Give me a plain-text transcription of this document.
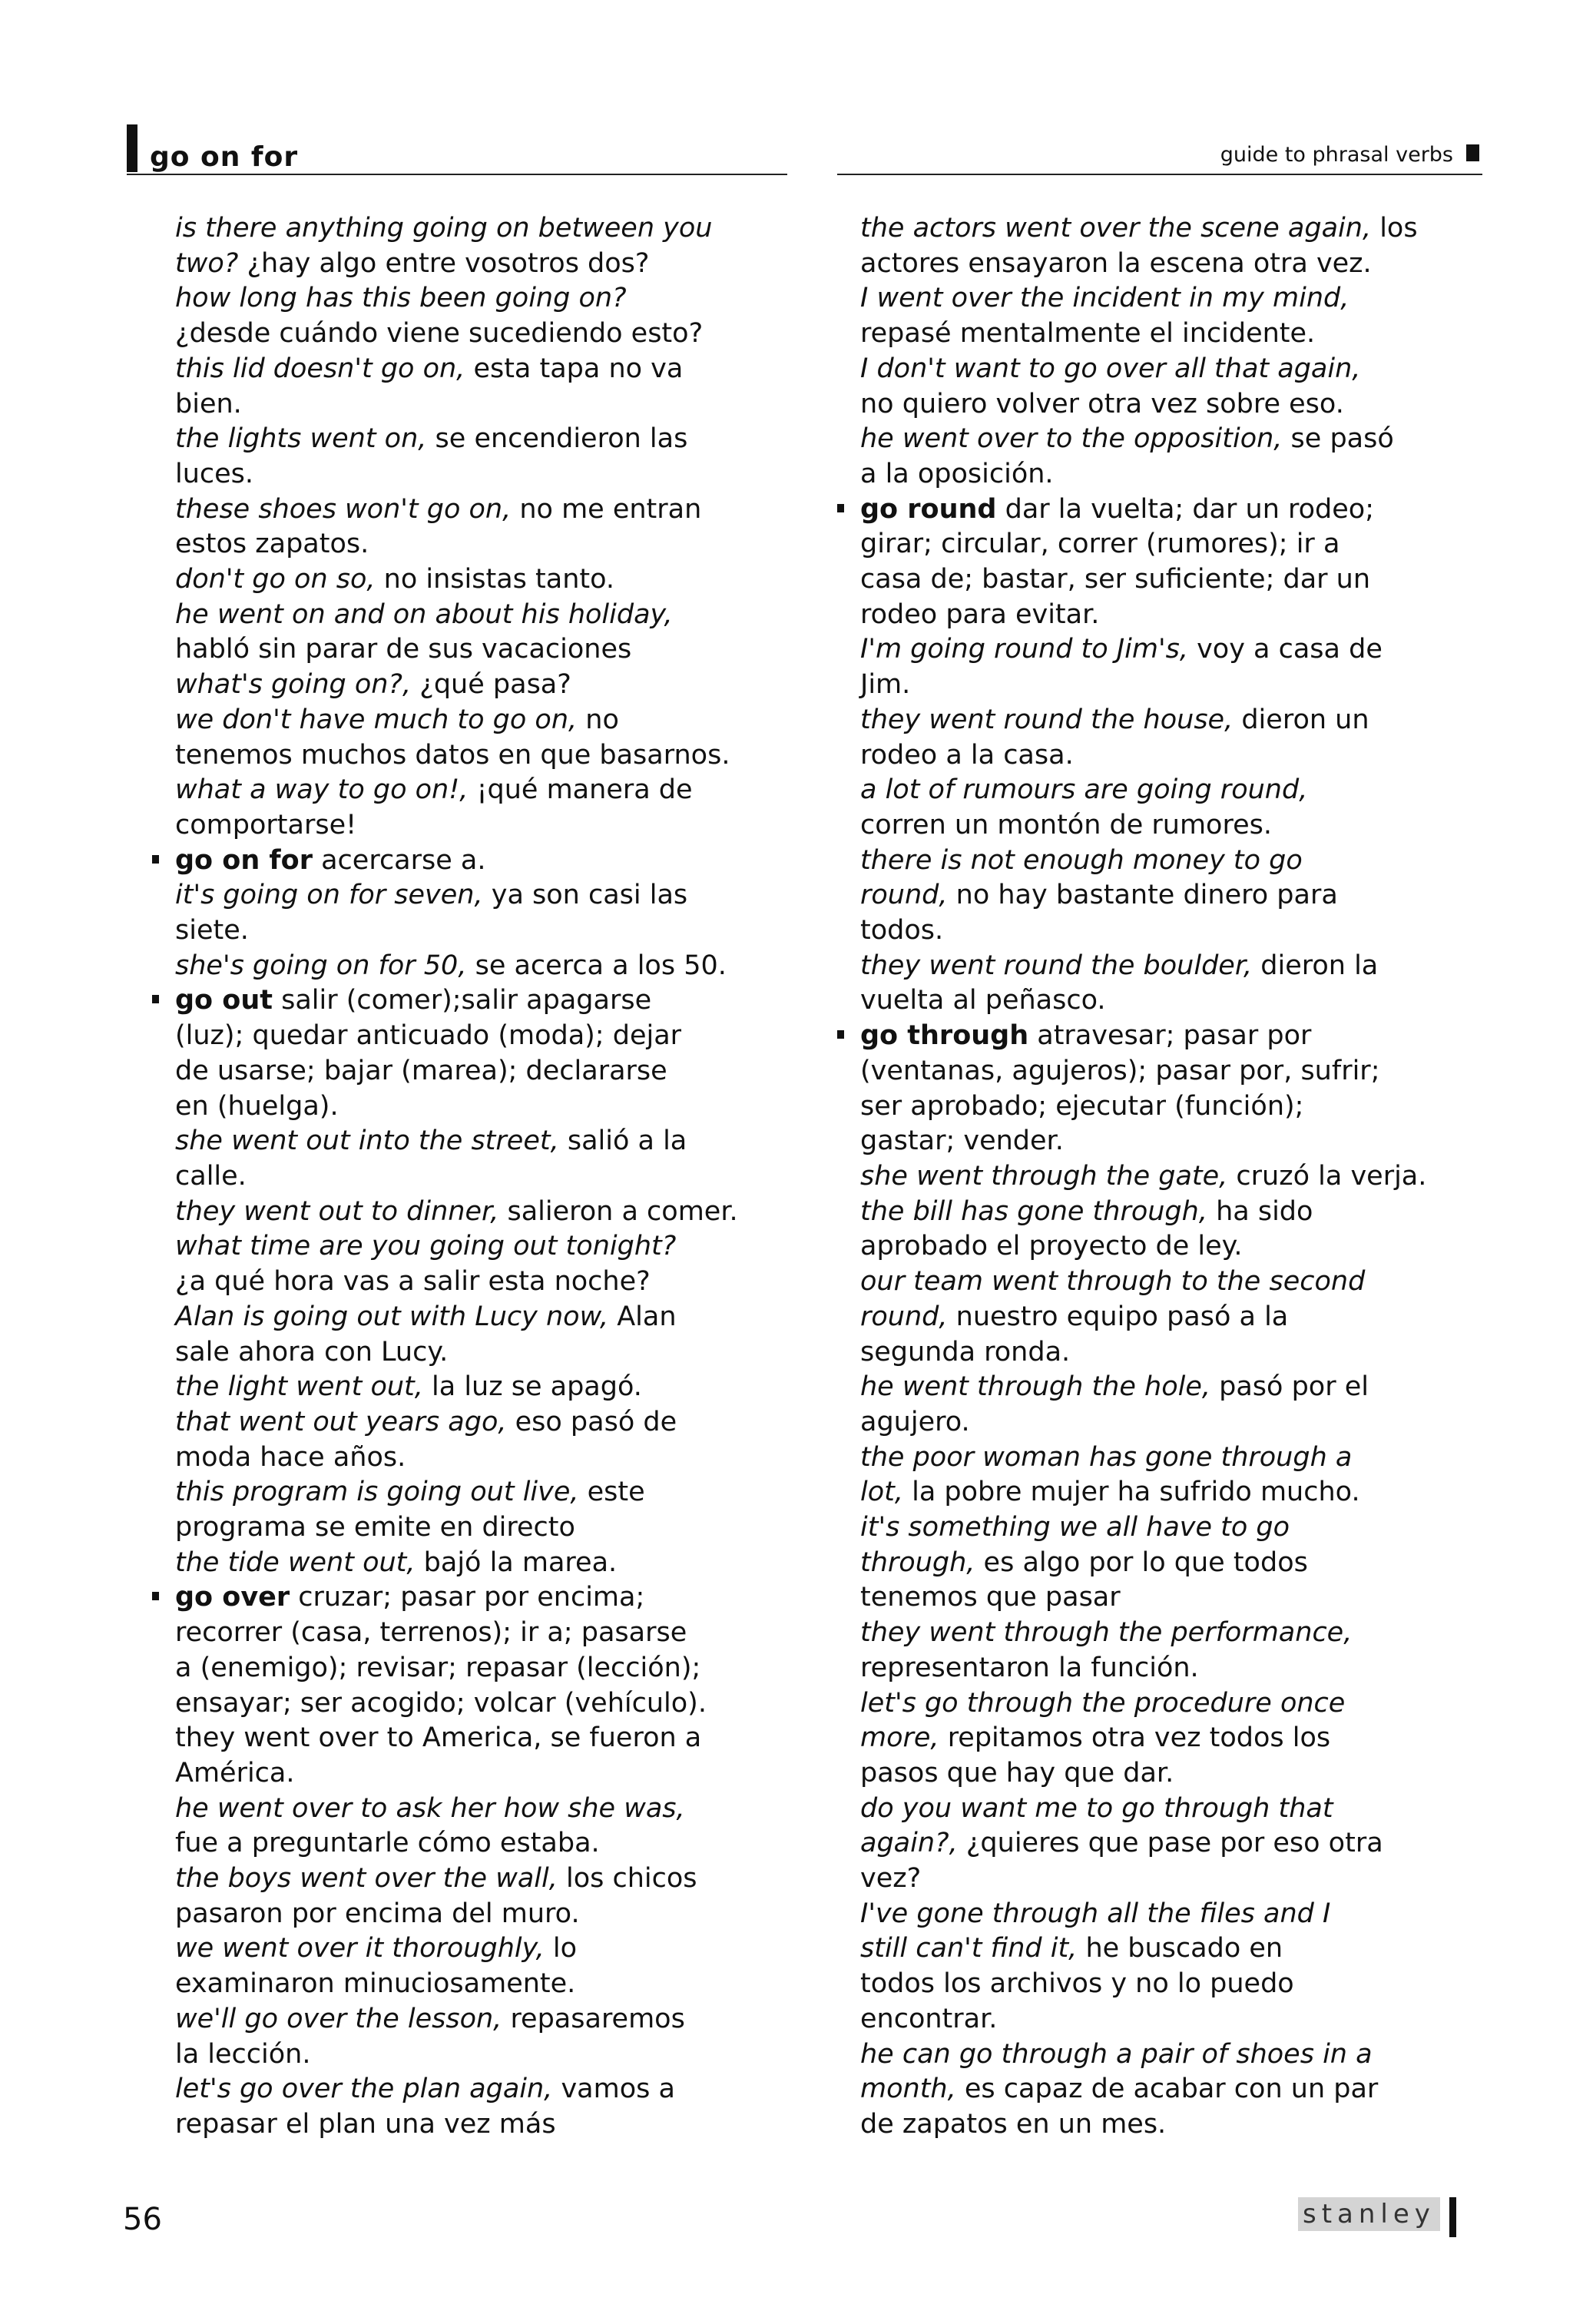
go on for	guide to phrasal verbs
is there anything going on between you
two? ¿hay algo entre vosotros dos?
how long has this been going on?
¿desde cuándo viene sucediendo esto?
this lid doesn't go on, esta tapa no va
bien.
the lights went on, se encendieron las
luces.
these shoes won't go on, no me entran
estos zapatos.
don't go on so, no insistas tanto.
he went on and on about his holiday,
habló sin parar de sus vacaciones
what's going on?, ¿qué pasa?
we don't have much to go on, no
tenemos muchos datos en que basarnos.
what a way to go on!, ¡qué manera de
comportarse!
go on for acercarse a.
it's going on for seven, ya son casi las
siete.
she's going on for 50, se acerca a los 50.
go out salir (comer);salir apagarse
(luz); quedar anticuado (moda); dejar
de usarse; bajar (marea); declararse
en (huelga).
she went out into the street, salió a la
calle.
they went out to dinner, salieron a comer.
what time are you going out tonight?
¿a qué hora vas a salir esta noche?
Alan is going out with Lucy now, Alan
sale ahora con Lucy.
the light went out, la luz se apagó.
that went out years ago, eso pasó de
moda hace años.
this program is going out live, este
programa se emite en directo
the tide went out, bajó la marea.
go over cruzar; pasar por encima;
recorrer (casa, terrenos); ir a; pasarse
a (enemigo); revisar; repasar (lección);
ensayar; ser acogido; volcar (vehículo).
they went over to America, se fueron a
América.
he went over to ask her how she was,
fue a preguntarle cómo estaba.
the boys went over the wall, los chicos
pasaron por encima del muro.
we went over it thoroughly, lo
examinaron minuciosamente.
we'll go over the lesson, repasaremos
la lección.
let's go over the plan again, vamos a
repasar el plan una vez más
the actors went over the scene again, los
actores ensayaron la escena otra vez.
I went over the incident in my mind,
repasé mentalmente el incidente.
I don't want to go over all that again,
no quiero volver otra vez sobre eso.
he went over to the opposition, se pasó
a la oposición.
go round dar la vuelta; dar un rodeo;
girar; circular, correr (rumores); ir a
casa de; bastar, ser suficiente; dar un
rodeo para evitar.
I'm going round to Jim's, voy a casa de
Jim.
they went round the house, dieron un
rodeo a la casa.
a lot of rumours are going round,
corren un montón de rumores.
there is not enough money to go
round, no hay bastante dinero para
todos.
they went round the boulder, dieron la
vuelta al peñasco.
go through atravesar; pasar por
(ventanas, agujeros); pasar por, sufrir;
ser aprobado; ejecutar (función);
gastar; vender.
she went through the gate, cruzó la verja.
the bill has gone through, ha sido
aprobado el proyecto de ley.
our team went through to the second
round, nuestro equipo pasó a la
segunda ronda.
he went through the hole, pasó por el
agujero.
the poor woman has gone through a
lot, la pobre mujer ha sufrido mucho.
it's something we all have to go
through, es algo por lo que todos
tenemos que pasar
they went through the performance,
representaron la función.
let's go through the procedure once
more, repitamos otra vez todos los
pasos que hay que dar.
do you want me to go through that
again?, ¿quieres que pase por eso otra
vez?
I've gone through all the files and I
still can't find it, he buscado en
todos los archivos y no lo puedo
encontrar.
he can go through a pair of shoes in a
month, es capaz de acabar con un par
de zapatos en un mes.
56	stanley
